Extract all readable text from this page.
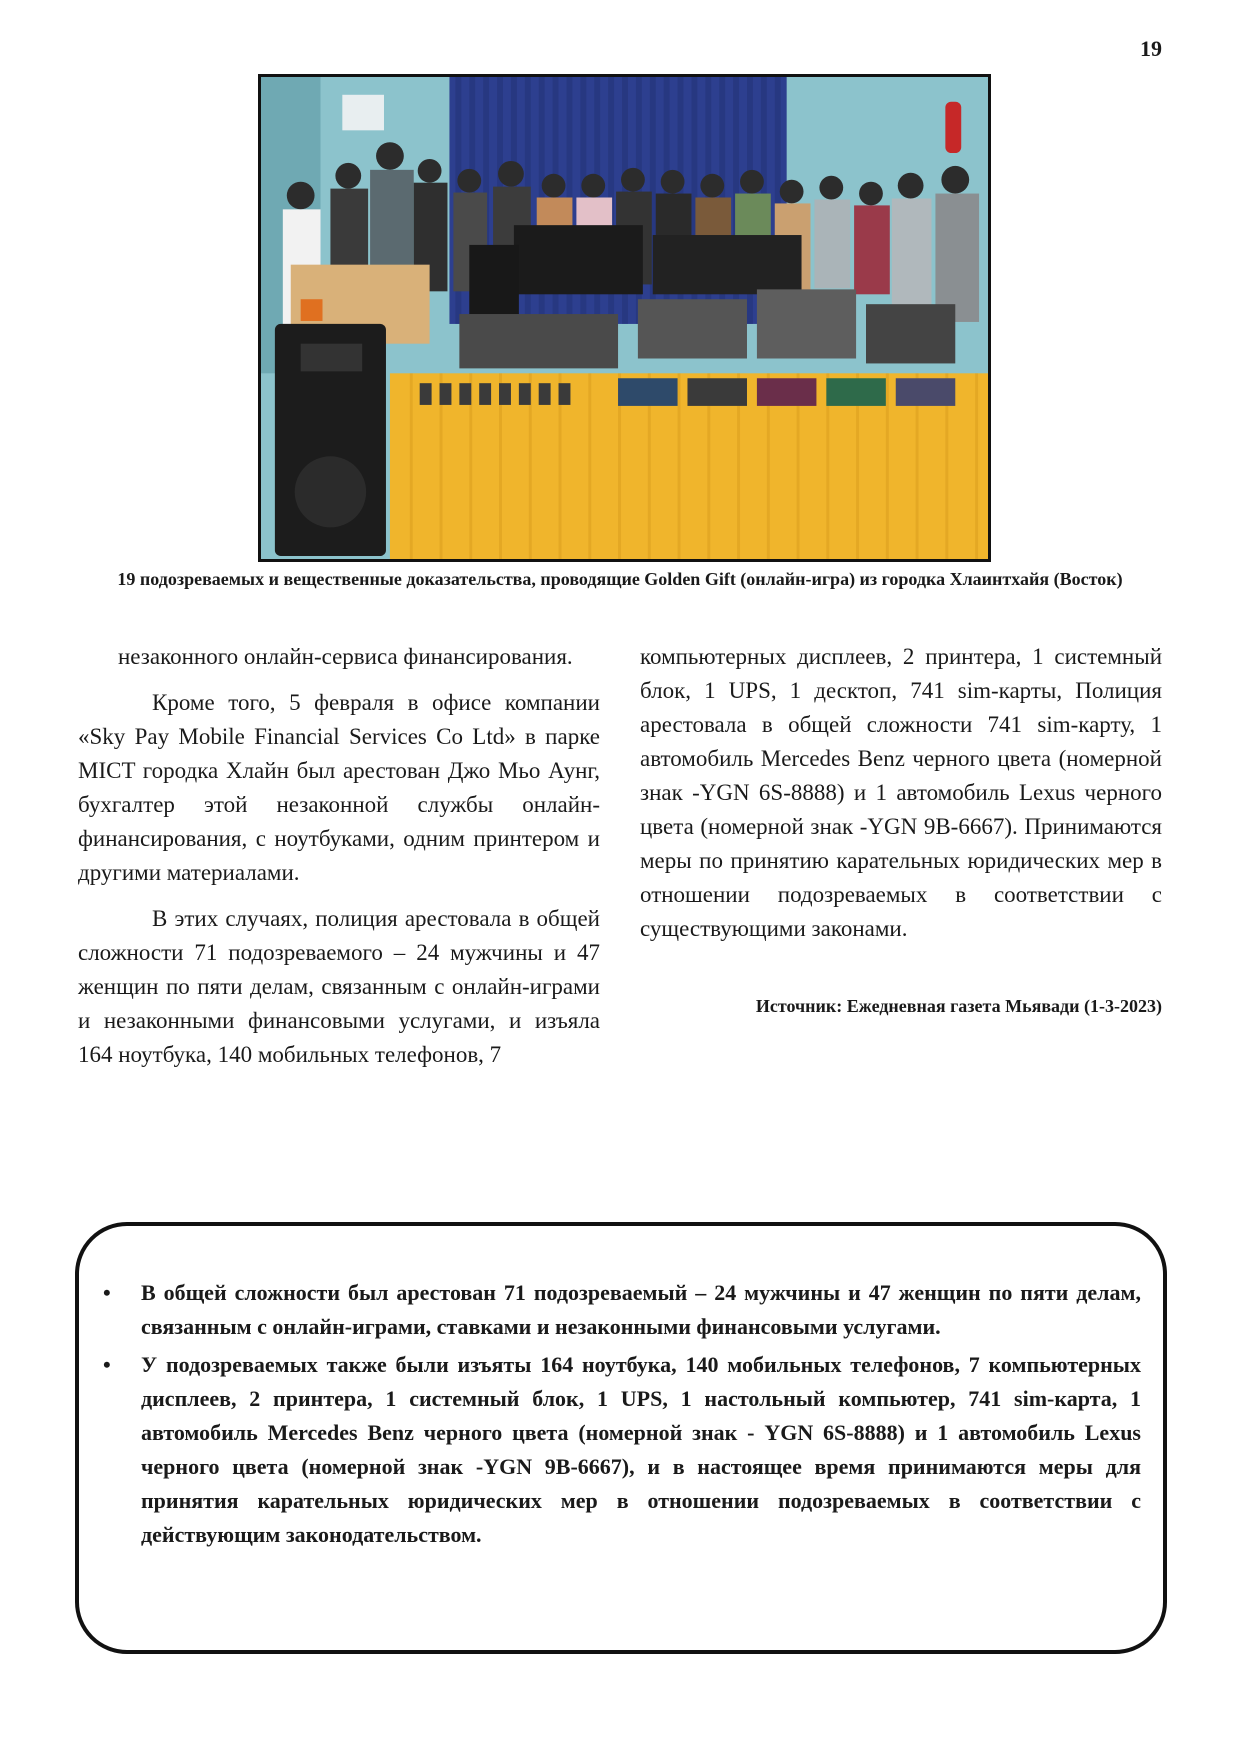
19
19 подозреваемых и вещественные доказательства, проводящие Golden Gift (онлайн-игра) из городка Хлаинтхайя (Восток)

незаконного онлайн-сервиса финансирования.

Кроме того, 5 февраля в офисе компании «Sky Pay Mobile Financial Services Co Ltd» в парке MICT городка Хлайн был арестован Джо Мьо Аунг, бухгалтер этой незаконной службы онлайн-финансирования, с ноутбуками, одним принтером и другими материалами.

В этих случаях, полиция арестовала в общей сложности 71 подозреваемого – 24 мужчины и 47 женщин по пяти делам, связанным с онлайн-играми и незаконными финансовыми услугами, и изъяла 164 ноутбука, 140 мобильных телефонов, 7

компьютерных дисплеев, 2 принтера, 1 системный блок, 1 UPS, 1 десктоп, 741 sim-карты, Полиция арестовала в общей сложности 741 sim-карту, 1 автомобиль Mercedes Benz черного цвета (номерной знак -YGN 6S-8888) и 1 автомобиль Lexus черного цвета (номерной знак -YGN 9B-6667). Принимаются меры по принятию карательных юридических мер в отношении подозреваемых в соответствии с существующими законами.

Источник: Ежедневная газета Мьявади (1-3-2023)

• В общей сложности был арестован 71 подозреваемый – 24 мужчины и 47 женщин по пяти делам, связанным с онлайн-играми, ставками и незаконными финансовыми услугами.
• У подозреваемых также были изъяты 164 ноутбука, 140 мобильных телефонов, 7 компьютерных дисплеев, 2 принтера, 1 системный блок, 1 UPS, 1 настольный компьютер, 741 sim-карта, 1 автомобиль Mercedes Benz черного цвета (номерной знак - YGN 6S-8888) и 1 автомобиль Lexus черного цвета (номерной знак -YGN 9B-6667), и в настоящее время принимаются меры для принятия карательных юридических мер в отношении подозреваемых в соответствии с действующим законодательством.
